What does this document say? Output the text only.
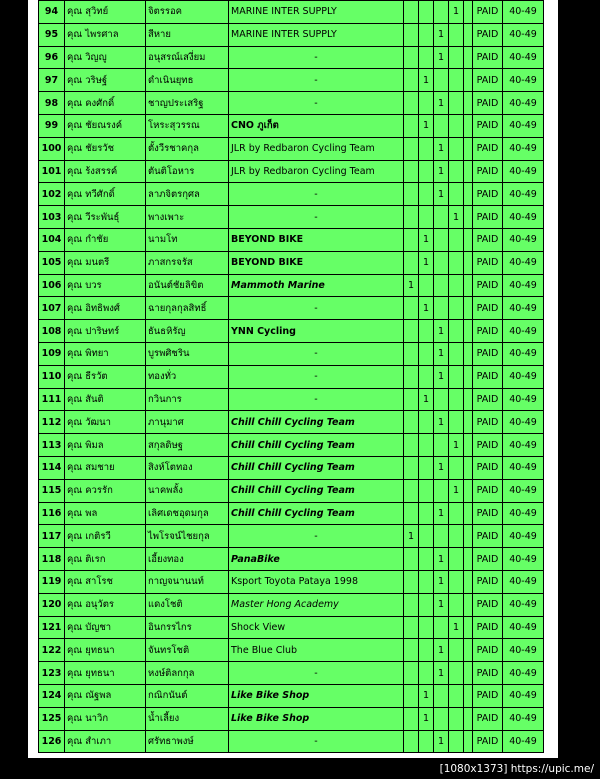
94	คุณ สุวิทย์	จิตรรอค	MARINE INTER SUPPLY				1		PAID	40-49
95	คุณ ไพรศาล	สีหาย	MARINE INTER SUPPLY			1			PAID	40-49
96	คุณ วิญญู	อนุสรณ์เสงี่ยม	-			1			PAID	40-49
97	คุณ วริษฐ์	ดำเนินยุทธ	-		1				PAID	40-49
98	คุณ คงศักดิ์	ชาญประเสริฐ	-			1			PAID	40-49
99	คุณ ชัยณรงค์	โหระสุวรรณ	CNO ภูเก็ต		1				PAID	40-49
100	คุณ ชัยรวัช	ตั้งวีรชาคกุล	JLR by Redbaron Cycling Team			1			PAID	40-49
101	คุณ ร้งสรรค์	ตันติโอหาร	JLR by Redbaron Cycling Team			1			PAID	40-49
102	คุณ ทวีศักดิ์	ลาภจิตรกุศล	-			1			PAID	40-49
103	คุณ วีระพันธุ์	พางเพาะ	-				1		PAID	40-49
104	คุณ กำชัย	นามโท	BEYOND BIKE		1				PAID	40-49
105	คุณ มนตรี	ภาสกรจรัส	BEYOND BIKE		1				PAID	40-49
106	คุณ บวร	อนันต์ชัยลิขิต	Mammoth Marine	1					PAID	40-49
107	คุณ อิทธิพงศ์	ฉายกุลกุลสิทธิ์	-		1				PAID	40-49
108	คุณ ปาริษทร์	ธันธหิรัญ	YNN Cycling			1			PAID	40-49
109	คุณ พิทยา	บูรพศิชริน	-			1			PAID	40-49
110	คุณ ธีรวัต	ทองทั่ว	-			1			PAID	40-49
111	คุณ สันติ	กวินการ	-		1				PAID	40-49
112	คุณ วัฒนา	ภานุมาศ	Chill Chill Cycling Team			1			PAID	40-49
113	คุณ พิมล	สกุลดิษฐ	Chill Chill Cycling Team				1		PAID	40-49
114	คุณ สมชาย	สิงห์โตทอง	Chill Chill Cycling Team			1			PAID	40-49
115	คุณ ควรรัก	นาคพลั้ง	Chill Chill Cycling Team				1		PAID	40-49
116	คุณ พล	เลิศเดชอุดมกุล	Chill Chill Cycling Team			1			PAID	40-49
117	คุณ เกติรวี	ไพโรจน์ไชยกุล	-	1					PAID	40-49
118	คุณ ติเรก	เอี้ยงทอง	PanaBike			1			PAID	40-49
119	คุณ สาโรช	กาญจนานนท์	Ksport Toyota Pataya 1998			1			PAID	40-49
120	คุณ อนุวัตร	แดงโชติ	Master Hong Academy			1			PAID	40-49
121	คุณ บัญชา	อินกรรไกร	Shock View				1		PAID	40-49
122	คุณ ยุทธนา	จันทรโชติ	The Blue Club			1			PAID	40-49
123	คุณ ยุทธนา	หงษ์ติลกกุล	-			1			PAID	40-49
124	คุณ ณัฐพล	กณิกนันต์	Like Bike Shop		1				PAID	40-49
125	คุณ นาวิก	น้ำเลี้ยง	Like Bike Shop		1				PAID	40-49
126	คุณ สำเภา	ศรัทธาพงษ์	-			1			PAID	40-49
[1080x1373] https://upic.me/
